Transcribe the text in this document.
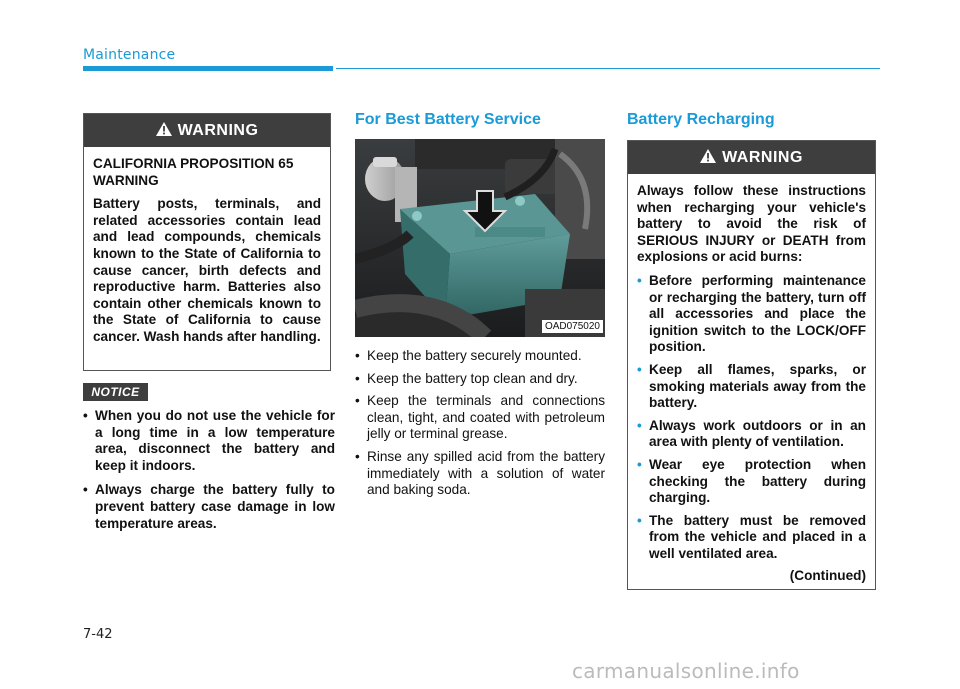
Maintenance
WARNING

CALIFORNIA PROPOSITION 65 WARNING

Battery posts, terminals, and related accessories contain lead and lead compounds, chemicals known to the State of California to cause cancer, birth defects and reproductive harm. Batteries also contain other chemicals known to the State of California to cause cancer. Wash hands after handling.

NOTICE
• When you do not use the vehicle for a long time in a low temperature area, disconnect the battery and keep it indoors.
• Always charge the battery fully to prevent battery case damage in low temperature areas.
For Best Battery Service
OAD075020
• Keep the battery securely mounted.
• Keep the battery top clean and dry.
• Keep the terminals and connections clean, tight, and coated with petroleum jelly or terminal grease.
• Rinse any spilled acid from the battery immediately with a solution of water and baking soda.
Battery Recharging
WARNING

Always follow these instructions when recharging your vehicle's battery to avoid the risk of SERIOUS INJURY or DEATH from explosions or acid burns:

• Before performing maintenance or recharging the battery, turn off all accessories and place the ignition switch to the LOCK/OFF position.
• Keep all flames, sparks, or smoking materials away from the battery.
• Always work outdoors or in an area with plenty of ventilation.
• Wear eye protection when checking the battery during charging.
• The battery must be removed from the vehicle and placed in a well ventilated area.
(Continued)
7-42
carmanualsonline.info
